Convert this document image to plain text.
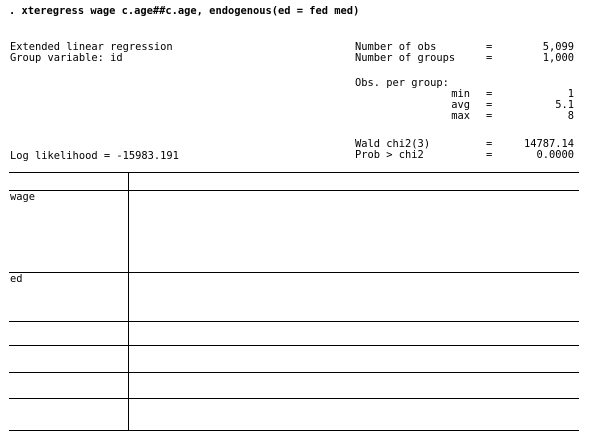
. xteregress wage c.age##c.age, endogenous(ed = fed med)
Extended linear regression
Group variable: id
Log likelihood = -15983.191
Number of obs	=	5,099
Number of groups	=	1,000
Obs. per group:
min =	1
avg =	5.1
max =	8
Wald chi2(3)	=	14787.14
Prob > chi2	=	0.0000
wage
ed
